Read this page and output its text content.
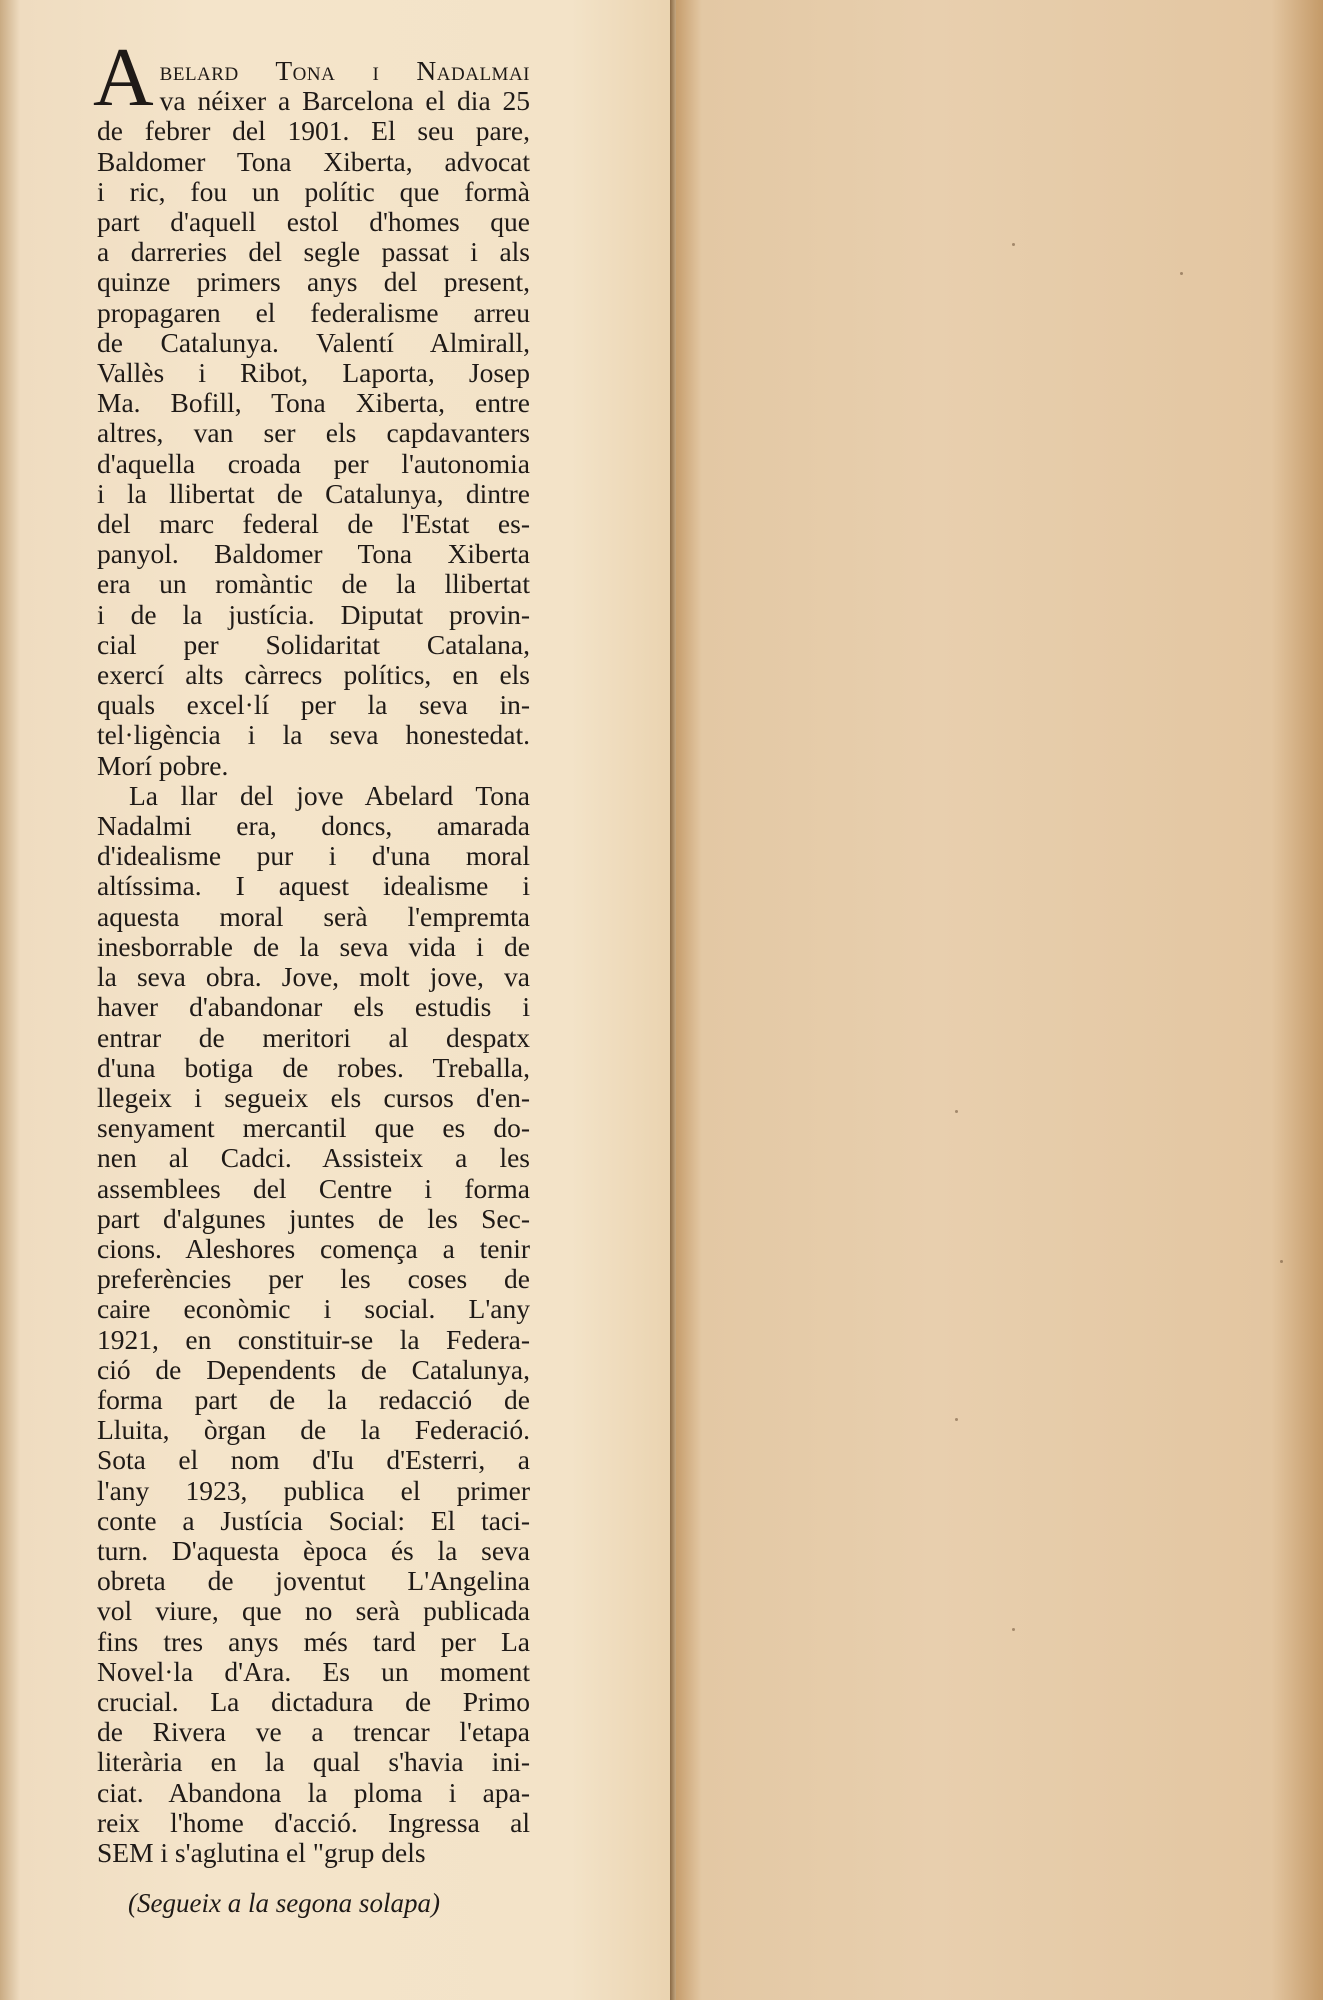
A belard Tona i Nadalmai
va néixer a Barcelona el dia 25
de febrer del 1901. El seu pare,
Baldomer Tona Xiberta, advocat
i ric, fou un polític que formà
part d'aquell estol d'homes que
a darreries del segle passat i als
quinze primers anys del present,
propagaren el federalisme arreu
de Catalunya. Valentí Almirall,
Vallès i Ribot, Laporta, Josep
Ma. Bofill, Tona Xiberta, entre
altres, van ser els capdavanters
d'aquella croada per l'autonomia
i la llibertat de Catalunya, dintre
del marc federal de l'Estat es-
panyol. Baldomer Tona Xiberta
era un romàntic de la llibertat
i de la justícia. Diputat provin-
cial per Solidaritat Catalana,
exercí alts càrrecs polítics, en els
quals excel·lí per la seva in-
tel·ligència i la seva honestedat.
Morí pobre.
La llar del jove Abelard Tona
Nadalmi era, doncs, amarada
d'idealisme pur i d'una moral
altíssima. I aquest idealisme i
aquesta moral serà l'empremta
inesborrable de la seva vida i de
la seva obra. Jove, molt jove, va
haver d'abandonar els estudis i
entrar de meritori al despatx
d'una botiga de robes. Treballa,
llegeix i segueix els cursos d'en-
senyament mercantil que es do-
nen al Cadci. Assisteix a les
assemblees del Centre i forma
part d'algunes juntes de les Sec-
cions. Aleshores comença a tenir
preferències per les coses de
caire econòmic i social. L'any
1921, en constituir-se la Federa-
ció de Dependents de Catalunya,
forma part de la redacció de
Lluita, òrgan de la Federació.
Sota el nom d'Iu d'Esterri, a
l'any 1923, publica el primer
conte a Justícia Social: El taci-
turn. D'aquesta època és la seva
obreta de joventut L'Angelina
vol viure, que no serà publicada
fins tres anys més tard per La
Novel·la d'Ara. Es un moment
crucial. La dictadura de Primo
de Rivera ve a trencar l'etapa
literària en la qual s'havia ini-
ciat. Abandona la ploma i apa-
reix l'home d'acció. Ingressa al
SEM i s'aglutina el "grup dels
(Segueix a la segona solapa)
